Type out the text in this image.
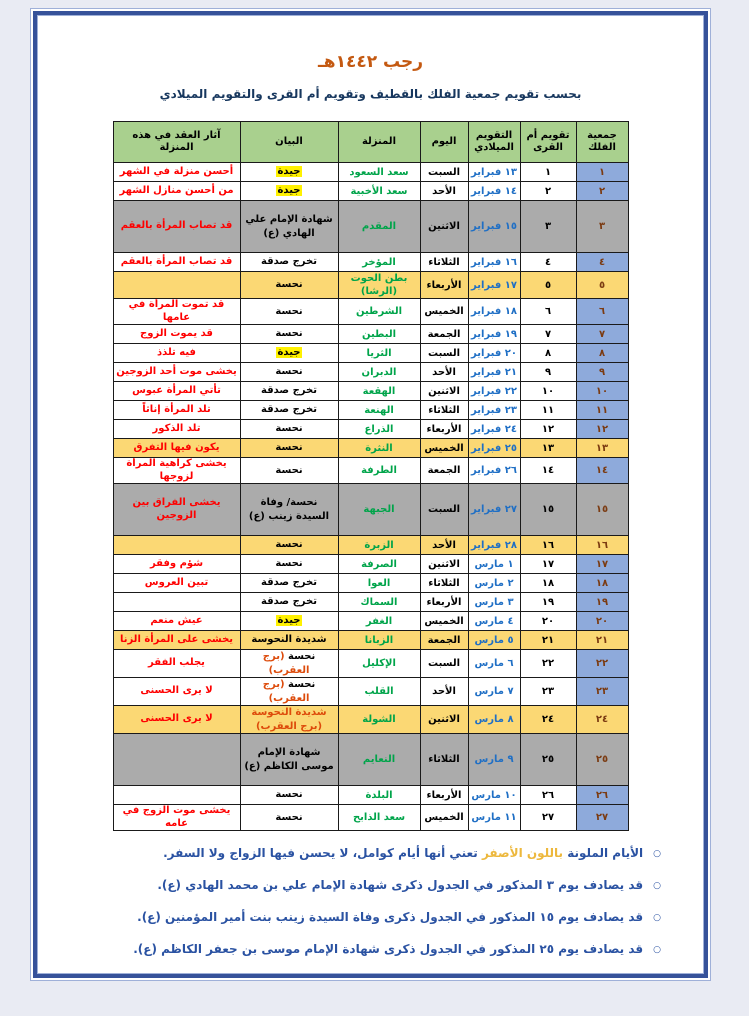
رجب ١٤٤٢هـ
بحسب تقويم جمعية الفلك بالقطيف وتقويم أم القرى والتقويم الميلادي
جمعية الفلك	تقويم أم القرى	التقويم الميلادي	اليوم	المنزلة	البيان	آثار العقد في هذه المنزلة
١	١	١٣ فبراير	السبت	سعد السعود	جيدة	أحسن منزلة في الشهر
٢	٢	١٤ فبراير	الأحد	سعد الأخبية	جيدة	من أحسن منازل الشهر
٣	٣	١٥ فبراير	الاثنين	المقدم	شهادة الإمام علي الهادي (ع)	قد تصاب المرأة بالعقم
٤	٤	١٦ فبراير	الثلاثاء	المؤخر	تخرج صدقة	قد تصاب المرأة بالعقم
٥	٥	١٧ فبراير	الأربعاء	بطن الحوت (الرشا)	نحسة	
٦	٦	١٨ فبراير	الخميس	الشرطين	نحسة	قد تموت المرأة في عامها
٧	٧	١٩ فبراير	الجمعة	البطين	نحسة	قد يموت الزوج
٨	٨	٢٠ فبراير	السبت	الثريا	جيدة	فيه تلذذ
٩	٩	٢١ فبراير	الأحد	الدبران	نحسة	يخشى موت أحد الزوجين
١٠	١٠	٢٢ فبراير	الاثنين	الهقعة	تخرج صدقة	تأتي المرأة عبوس
١١	١١	٢٣ فبراير	الثلاثاء	الهنعة	تخرج صدقة	تلد المرأة إناثاً
١٢	١٢	٢٤ فبراير	الأربعاء	الذراع	نحسة	تلد الذكور
١٣	١٣	٢٥ فبراير	الخميس	النثرة	نحسة	يكون فيها التفرق
١٤	١٤	٢٦ فبراير	الجمعة	الطرفة	نحسة	يخشى كراهية المرأة لزوجها
١٥	١٥	٢٧ فبراير	السبت	الجبهة	نحسة/ وفاة السيدة زينب (ع)	يخشى الفراق بين الزوجين
١٦	١٦	٢٨ فبراير	الأحد	الزبرة	نحسة	
١٧	١٧	١ مارس	الاثنين	الصرفة	نحسة	شؤم وفقر
١٨	١٨	٢ مارس	الثلاثاء	العوا	تخرج صدقة	تبين العروس
١٩	١٩	٣ مارس	الأربعاء	السماك	تخرج صدقة	
٢٠	٢٠	٤ مارس	الخميس	الغفر	جيدة	عيش منعم
٢١	٢١	٥ مارس	الجمعة	الزبانا	شديدة النحوسة	يخشى على المرأة الزنا
٢٢	٢٢	٦ مارس	السبت	الإكليل	نحسة (برج العقرب)	يجلب الفقر
٢٣	٢٣	٧ مارس	الأحد	القلب	نحسة (برج العقرب)	لا يرى الحسنى
٢٤	٢٤	٨ مارس	الاثنين	الشولة	شديدة النحوسة (برج العقرب)	لا يرى الحسنى
٢٥	٢٥	٩ مارس	الثلاثاء	النعايم	شهادة الإمام موسى الكاظم (ع)	
٢٦	٢٦	١٠ مارس	الأربعاء	البلدة	نحسة	
٢٧	٢٧	١١ مارس	الخميس	سعد الذابح	نحسة	يخشى موت الزوج في عامه
○الأيام الملونة باللون الأصفر تعني أنها أيام كوامل، لا يحسن فيها الزواج ولا السفر.
○قد يصادف يوم ٣ المذكور في الجدول ذكرى شهادة الإمام علي بن محمد الهادي (ع).
○قد يصادف يوم ١٥ المذكور في الجدول ذكرى وفاة السيدة زينب بنت أمير المؤمنين (ع).
○قد يصادف يوم ٢٥ المذكور في الجدول ذكرى شهادة الإمام موسى بن جعفر الكاظم (ع).
